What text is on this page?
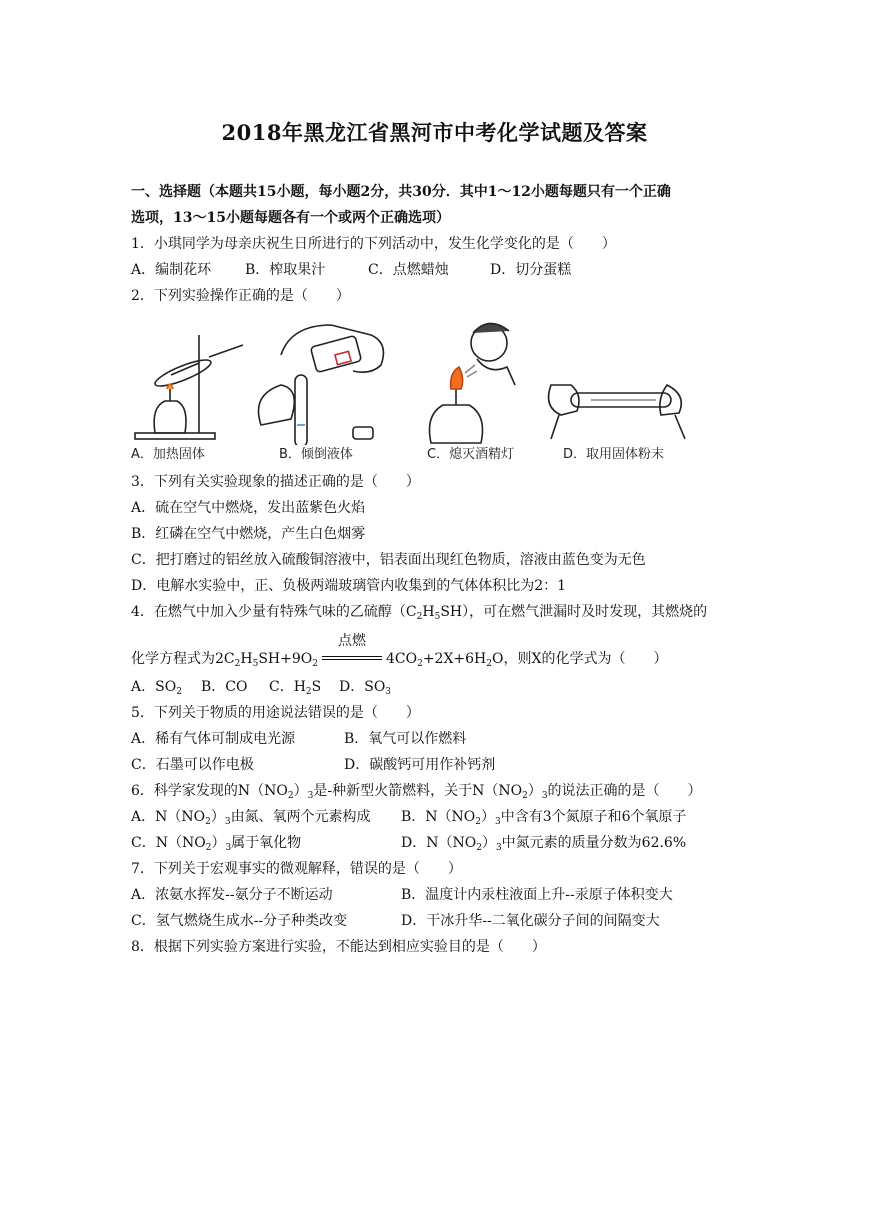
2018年黑龙江省黑河市中考化学试题及答案
一、选择题（本题共15小题，每小题2分，共30分．其中1～12小题每题只有一个正确
选项，13～15小题每题各有一个或两个正确选项）
1．小琪同学为母亲庆祝生日所进行的下列活动中，发生化学变化的是（　　）
A．编制花环 B．榨取果汁	C．点燃蜡烛	D．切分蛋糕
2．下列实验操作正确的是（　　）
A．加热固体	B．倾倒液体	C．熄灭酒精灯	D．取用固体粉末
3．下列有关实验现象的描述正确的是（　　）
A．硫在空气中燃烧，发出蓝紫色火焰
B．红磷在空气中燃烧，产生白色烟雾
C．把打磨过的铝丝放入硫酸铜溶液中，铝表面出现红色物质，溶液由蓝色变为无色
D．电解水实验中，正、负极两端玻璃管内收集到的气体体积比为2：1
4．在燃气中加入少量有特殊气味的乙硫醇$(C_2H_5SH)$，可在燃气泄漏时及时发现，其燃烧的
化学方程式为$2C_2H_5SH+9O_2$
点燃
$4CO_2+2X+6H_2O$，则X的化学式为（　　）
A．$SO_2$ B．CO C．$H_2S$ D．$SO_3$
5．下列关于物质的用途说法错误的是（　　）
A．稀有气体可制成电光源	B．氧气可以作燃料
C．石墨可以作电极	D．碳酸钙可用作补钙剂
6．科学家发现的$N(NO_2)_3$是-种新型火箭燃料，关于$N(NO_2)_3$的说法正确的是（　　）
A．$N(NO_2)_3$由氮、氧两个元素构成 B．$N(NO_2)_3$中含有3个氮原子和6个氧原子
C．$N(NO_2)_3$属于氧化物	D．$N(NO_2)_3$中氮元素的质量分数为62.6%
7．下列关于宏观事实的微观解释，错误的是（　　）
A．浓氨水挥发--氨分子不断运动	B．温度计内汞柱液面上升--汞原子体积变大
C．氢气燃烧生成水--分子种类改变	D．干冰升华--二氧化碳分子间的间隔变大
8．根据下列实验方案进行实验，不能达到相应实验目的是（　　）
